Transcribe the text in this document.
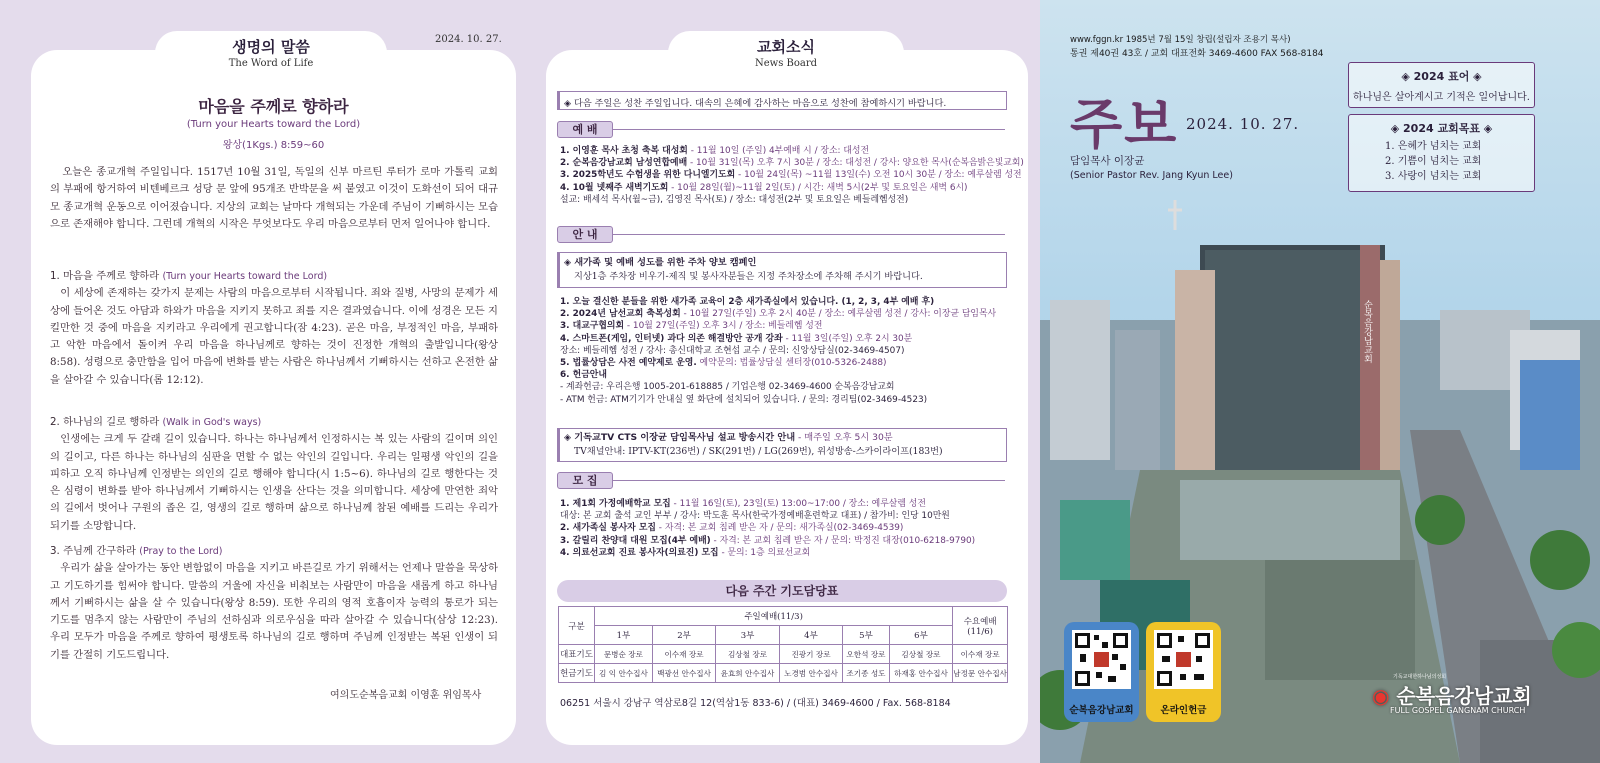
생명의 말씀
The Word of Life
2024. 10. 27.
마음을 주께로 향하라
(Turn your Hearts toward the Lord)
왕상(1Kgs.) 8:59~60
오늘은 종교개혁 주일입니다. 1517년 10월 31일, 독일의 신부 마르틴 루터가 로마 가톨릭 교회의 부패에 항거하여 비텐베르크 성당 문 앞에 95개조 반박문을 써 붙였고 이것이 도화선이 되어 대규모 종교개혁 운동으로 이어졌습니다. 지상의 교회는 날마다 개혁되는 가운데 주님이 기뻐하시는 모습으로 존재해야 합니다. 그런데 개혁의 시작은 무엇보다도 우리 마음으로부터 먼저 일어나야 합니다.
1. 마음을 주께로 향하라 (Turn your Hearts toward the Lord)
이 세상에 존재하는 갖가지 문제는 사람의 마음으로부터 시작됩니다. 죄와 질병, 사망의 문제가 세상에 들어온 것도 아담과 하와가 마음을 지키지 못하고 죄를 지은 결과였습니다. 이에 성경은 모든 지킬만한 것 중에 마음을 지키라고 우리에게 권고합니다(잠 4:23). 곧은 마음, 부정적인 마음, 부패하고 악한 마음에서 돌이켜 우리 마음을 하나님께로 향하는 것이 진정한 개혁의 출발입니다(왕상 8:58). 성령으로 충만함을 입어 마음에 변화를 받는 사람은 하나님께서 기뻐하시는 선하고 온전한 삶을 살아갈 수 있습니다(롬 12:12).
2. 하나님의 길로 행하라 (Walk in God's ways)
인생에는 크게 두 갈래 길이 있습니다. 하나는 하나님께서 인정하시는 복 있는 사람의 길이며 의인의 길이고, 다른 하나는 하나님의 심판을 면할 수 없는 악인의 길입니다. 우리는 일평생 악인의 길을 피하고 오직 하나님께 인정받는 의인의 길로 행해야 합니다(시 1:5~6). 하나님의 길로 행한다는 것은 심령이 변화를 받아 하나님께서 기뻐하시는 인생을 산다는 것을 의미합니다. 세상에 만연한 죄악의 길에서 벗어나 구원의 좁은 길, 영생의 길로 행하며 삶으로 하나님께 참된 예배를 드리는 우리가 되기를 소망합니다.
3. 주님께 간구하라 (Pray to the Lord)
우리가 삶을 살아가는 동안 변함없이 마음을 지키고 바른길로 가기 위해서는 언제나 말씀을 묵상하고 기도하기를 힘써야 합니다. 말씀의 거울에 자신을 비춰보는 사람만이 마음을 새롭게 하고 하나님께서 기뻐하시는 삶을 살 수 있습니다(왕상 8:59). 또한 우리의 영적 호흡이자 능력의 통로가 되는 기도를 멈추지 않는 사람만이 주님의 선하심과 의로우심을 따라 살아갈 수 있습니다(삼상 12:23). 우리 모두가 마음을 주께로 향하여 평생토록 하나님의 길로 행하며 주님께 인정받는 복된 인생이 되기를 간절히 기도드립니다.
여의도순복음교회 이영훈 위임목사
교회소식
News Board
◈ 다음 주일은 성찬 주일입니다. 대속의 은혜에 감사하는 마음으로 성찬에 참예하시기 바랍니다.
예 배
1. 이영훈 목사 초청 축복 대성회 - 11월 10일 (주일) 4부예배 시 / 장소: 대성전
2. 순복음강남교회 남성연합예배 - 10월 31일(목) 오후 7시 30분 / 장소: 대성전 / 강사: 양요한 목사(순복음밝은빛교회)
3. 2025학년도 수험생을 위한 다니엘기도회 - 10월 24일(목) ~11월 13일(수) 오전 10시 30분 / 장소: 예루살렘 성전
4. 10월 넷째주 새벽기도회 - 10월 28일(월)~11월 2일(토) / 시간: 새벽 5시(2부 및 토요일은 새벽 6시)
설교: 배세석 목사(월~금), 김영진 목사(토) / 장소: 대성전(2부 및 토요일은 베들레헴성전)
안 내
◈ 새가족 및 예배 성도를 위한 주차 양보 캠페인
지상1층 주차장 비우기-제직 및 봉사자분들은 지정 주차장소에 주차해 주시기 바랍니다.
1. 오늘 결신한 분들을 위한 새가족 교육이 2층 새가족실에서 있습니다. (1, 2, 3, 4부 예배 후)
2. 2024년 남선교회 축복성회 - 10월 27일(주일) 오후 2시 40분 / 장소: 예루살렘 성전 / 강사: 이장균 담임목사
3. 대교구협의회 - 10월 27일(주일) 오후 3시 / 장소: 베들레헴 성전
4. 스마트폰(게임, 인터넷) 과다 의존 해결방안 공개 강좌 - 11월 3일(주일) 오후 2시 30분
장소: 베들레헴 성전 / 강사: 총신대학교 조현섭 교수 / 문의: 신앙상담실(02-3469-4507)
5. 법률상담은 사전 예약제로 운영. 예약문의: 법률상담실 센터장(010-5326-2488)
6. 헌금안내
- 계좌헌금: 우리은행 1005-201-618885 / 기업은행 02-3469-4600 순복음강남교회
- ATM 헌금: ATM기기가 안내실 옆 화단에 설치되어 있습니다. / 문의: 경리팀(02-3469-4523)
◈ 기독교TV CTS 이장균 담임목사님 설교 방송시간 안내 - 매주일 오후 5시 30분
TV채널안내: IPTV-KT(236번) / SK(291번) / LG(269번), 위성방송-스카이라이프(183번)
모 집
1. 제1회 가정예배학교 모집 - 11월 16일(토), 23일(토) 13:00~17:00 / 장소: 예루살렘 성전
대상: 본 교회 출석 교인 부부 / 강사: 박도훈 목사(한국가정예배훈련학교 대표) / 참가비: 인당 10만원
2. 새가족실 봉사자 모집 - 자격: 본 교회 침례 받은 자 / 문의: 새가족실(02-3469-4539)
3. 갈릴리 찬양대 대원 모집(4부 예배) - 자격: 본 교회 침례 받은 자 / 문의: 박정진 대장(010-6218-9790)
4. 의료선교회 진료 봉사자(의료진) 모집 - 문의: 1층 의료선교회
다음 주간 기도담당표
구분	주일예배(11/3)						수요예배
(11/6)

	1부	2부	3부	4부	5부	6부	
대표기도	문병순 장로	이수재 장로	김상철 장로	진광기 장로	오한석 장로	김상철 장로	이수재 장로
헌금기도	김 익 안수집사	백광선 안수집사	윤효희 안수집사	노경범 안수집사	조기종 성도	하재홍 안수집사	남정문 안수집사
06251 서울시 강남구 역삼로8길 12(역삼1동 833-6) / (대표) 3469-4600 / Fax. 568-8184
순복음강남교회
www.fggn.kr 1985년 7월 15일 창립(설립자 조용기 목사)
통권 제40권 43호 / 교회 대표전화 3469-4600 FAX 568-8184
주보 2024. 10. 27.
담임목사 이장균
(Senior Pastor Rev. Jang Kyun Lee)
◈ 2024 표어 ◈
하나님은 살아계시고 기적은 일어납니다.
◈ 2024 교회목표 ◈
1. 은혜가 넘치는 교회
2. 기쁨이 넘치는 교회
3. 사랑이 넘치는 교회
순복음강남교회	온라인헌금
기독교대한하나님의성회
◉ 순복음강남교회
FULL GOSPEL GANGNAM CHURCH
